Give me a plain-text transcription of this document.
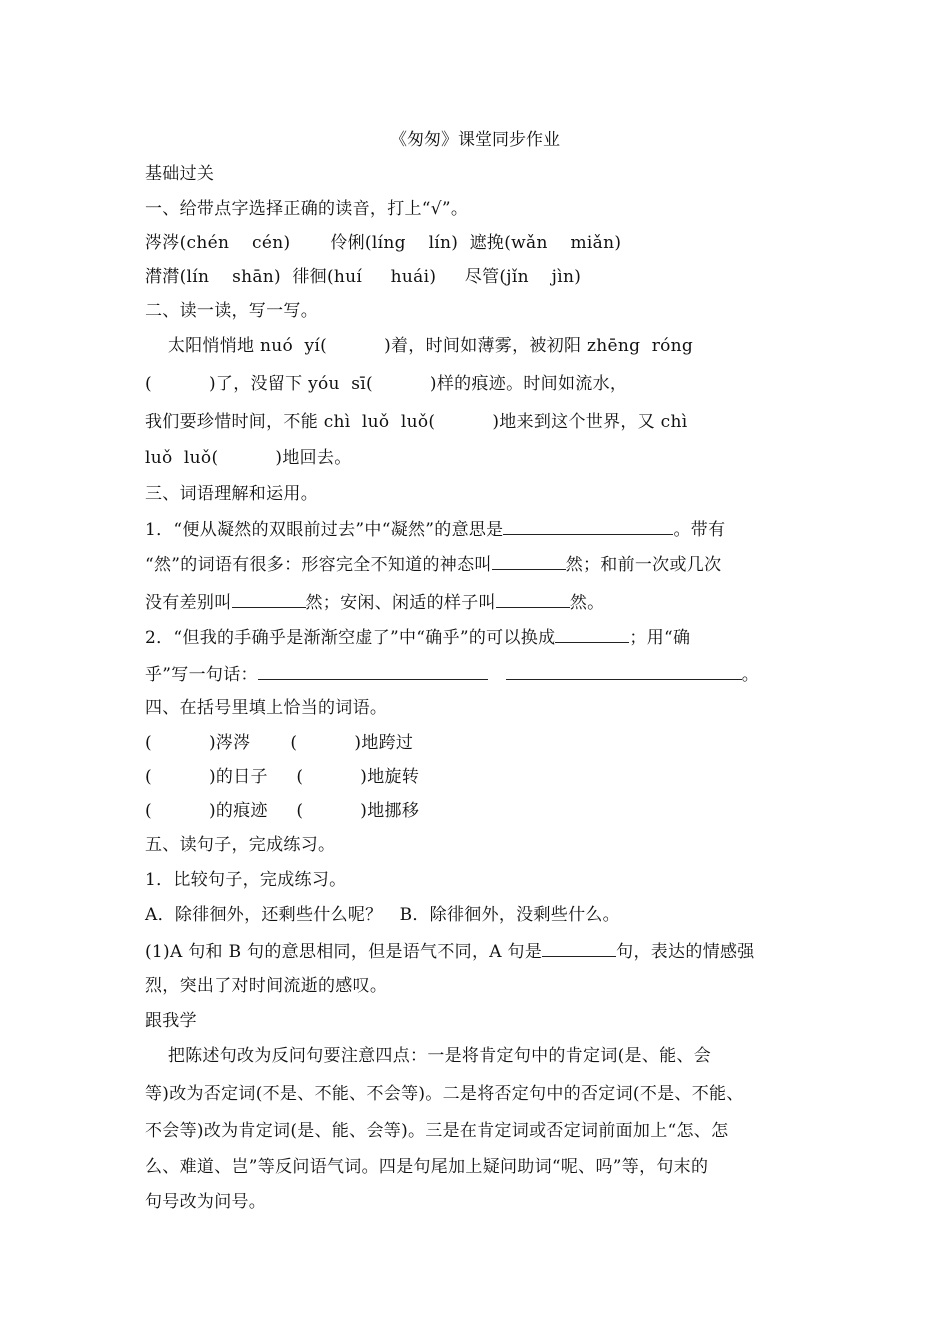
《匆匆》课堂同步作业
基础过关
一、给带点字选择正确的读音，打上“√”。
涔涔(chén    cén)       伶俐(líng    lín)  遮挽(wǎn    miǎn)
潸潸(lín    shān)  徘徊(huí     huái)     尽管(jǐn    jìn)
二、读一读，写一写。
太阳悄悄地 nuó  yí(          )着，时间如薄雾，被初阳 zhēng  róng
(          )了，没留下 yóu  sī(          )样的痕迹。时间如流水，
我们要珍惜时间，不能 chì  luǒ  luǒ(          )地来到这个世界，又 chì
luǒ  luǒ(          )地回去。
三、词语理解和运用。
1．“便从凝然的双眼前过去”中“凝然”的意思是	。带有
“然”的词语有很多：形容完全不知道的神态叫	然；和前一次或几次
没有差别叫	然；安闲、闲适的样子叫	然。
2．“但我的手确乎是渐渐空虚了”中“确乎”的可以换成	；用“确
乎”写一句话：	。
四、在括号里填上恰当的词语。
(          )涔涔       (          )地跨过
(          )的日子     (          )地旋转
(          )的痕迹     (          )地挪移
五、读句子，完成练习。
1．比较句子，完成练习。
A．除徘徊外，还剩些什么呢？   B．除徘徊外，没剩些什么。
(1)A 句和 B 句的意思相同，但是语气不同，A 句是	句，表达的情感强
烈，突出了对时间流逝的感叹。
跟我学
把陈述句改为反问句要注意四点：一是将肯定句中的肯定词(是、能、会
等)改为否定词(不是、不能、不会等)。二是将否定句中的否定词(不是、不能、
不会等)改为肯定词(是、能、会等)。三是在肯定词或否定词前面加上“怎、怎
么、难道、岂”等反问语气词。四是句尾加上疑问助词“呢、吗”等，句末的
句号改为问号。
